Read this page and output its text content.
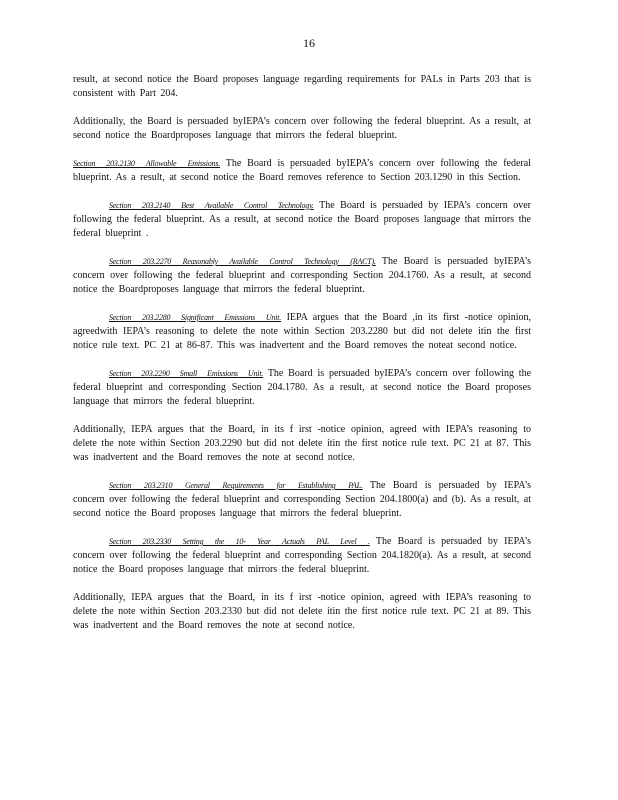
16

result, at second notice the Board proposes language regarding requirements for PALs in Parts 203 that is consistent with Part 204.

Additionally, the Board is persuaded byIEPA’s concern over following the federal blueprint. As a result, at second notice the Boardproposes language that mirrors the federal blueprint.

Section 203.2130 Allowable Emissions. The Board is persuaded byIEPA’s concern over following the federal blueprint. As a result, at second notice the Board removes reference to Section 203.1290 in this Section.

Section 203.2140 Best Available Control Technology. The Board is persuaded by IEPA’s concern over following the federal blueprint. As a result, at second notice the Board proposes language that mirrors the federal blueprint .

Section 203.2270 Reasonably Available Control Technology (RACT). The Board is persuaded byIEPA’s concern over following the federal blueprint and corresponding Section 204.1760. As a result, at second notice the Boardproposes language that mirrors the federal blueprint.

Section 203.2280 Significant Emissions Unit. IEPA argues that the Board ,in its first -notice opinion, agreedwith IEPA’s reasoning to delete the note within Section 203.2280 but did not delete itin the first notice rule text. PC 21 at 86-87. This was inadvertent and the Board removes the noteat second notice.

Section 203.2290 Small Emissions Unit. The Board is persuaded byIEPA’s concern over following the federal blueprint and corresponding Section 204.1780. As a result, at second notice the Board proposes language that mirrors the federal blueprint.

Additionally, IEPA argues that the Board, in its f irst -notice opinion, agreed with IEPA’s reasoning to delete the note within Section 203.2290 but did not delete itin the first notice rule text. PC 21 at 87. This was inadvertent and the Board removes the note at second notice.

Section 203.2310 General Requirements for Establishing PAL. The Board is persuaded by IEPA’s concern over following the federal blueprint and corresponding Section 204.1800(a) and (b). As a result, at second notice the Board proposes language that mirrors the federal blueprint.

Section 203.2330 Setting the 10- Year Actuals PAL Level . The Board is persuaded by IEPA’s concern over following the federal blueprint and corresponding Section 204.1820(a). As a result, at second notice the Board proposes language that mirrors the federal blueprint.

Additionally, IEPA argues that the Board, in its f irst -notice opinion, agreed with IEPA’s reasoning to delete the note within Section 203.2330 but did not delete itin the first notice rule text. PC 21 at 89. This was inadvertent and the Board removes the note at second notice.
